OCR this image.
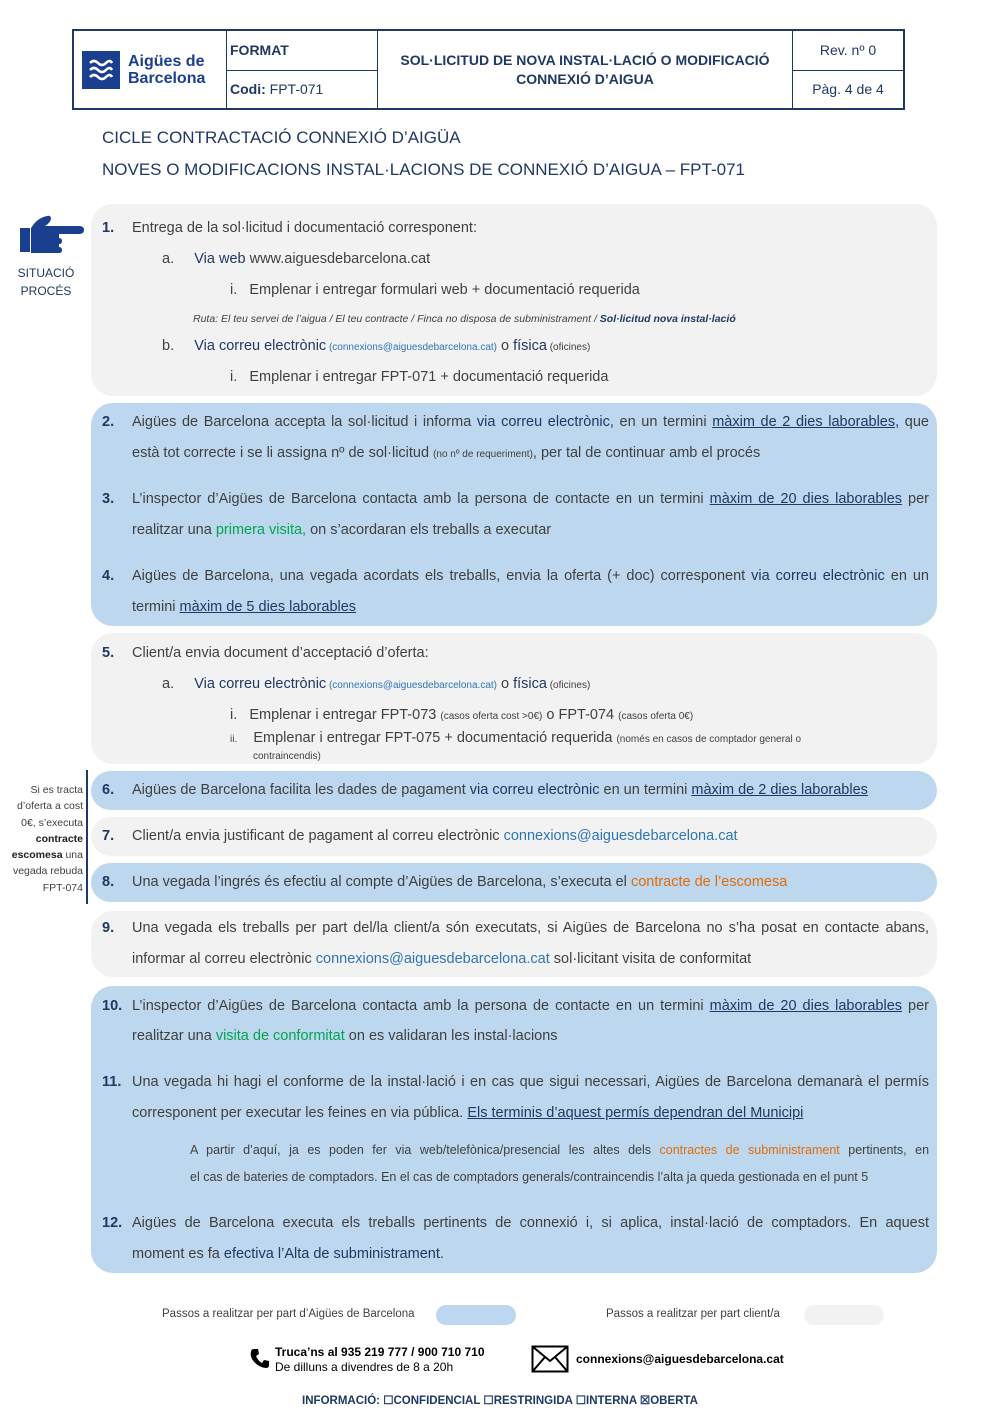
Aigües de
Barcelona
FORMAT
Codi: FPT-071
SOL·LICITUD DE NOVA INSTAL·LACIÓ O MODIFICACIÓ
CONNEXIÓ D’AIGUA
Rev. nº 0
Pàg. 4 de 4
CICLE CONTRACTACIÓ CONNEXIÓ D’AIGÜA
NOVES O MODIFICACIONS INSTAL·LACIONS DE CONNEXIÓ D’AIGUA – FPT-071
SITUACIÓ
PROCÉS
Si es tracta
d’oferta a cost
0€, s’executa
contracte
escomesa una
vegada rebuda
FPT-074
1. Entrega de la sol·licitud i documentació corresponent:
a. Via web www.aiguesdebarcelona.cat
i. Emplenar i entregar formulari web + documentació requerida
Ruta: El teu servei de l’aigua / El teu contracte / Finca no disposa de subministrament / Sol·licitud nova instal·lació
b. Via correu electrònic (connexions@aiguesdebarcelona.cat) o física (oficines)
i. Emplenar i entregar FPT-071 + documentació requerida
2. Aigües de Barcelona accepta la sol·licitud i informa via correu electrònic, en un termini màxim de 2 dies laborables, que
està tot correcte i se li assigna nº de sol·licitud (no nº de requeriment), per tal de continuar amb el procés
3. L’inspector d’Aigües de Barcelona contacta amb la persona de contacte en un termini màxim de 20 dies laborables per
realitzar una primera visita, on s’acordaran els treballs a executar
4. Aigües de Barcelona, una vegada acordats els treballs, envia la oferta (+ doc) corresponent via correu electrònic en un
termini màxim de 5 dies laborables
5. Client/a envia document d’acceptació d’oferta:
a. Via correu electrònic (connexions@aiguesdebarcelona.cat) o física (oficines)
i. Emplenar i entregar FPT-073 (casos oferta cost >0€) o FPT-074 (casos oferta 0€)
ii. Emplenar i entregar FPT-075 + documentació requerida (només en casos de comptador general o
contraincendis)
6. Aigües de Barcelona facilita les dades de pagament via correu electrònic en un termini màxim de 2 dies laborables
7. Client/a envia justificant de pagament al correu electrònic connexions@aiguesdebarcelona.cat
8. Una vegada l’ingrés és efectiu al compte d’Aigües de Barcelona, s’executa el contracte de l’escomesa
9. Una vegada els treballs per part del/la client/a són executats, si Aigües de Barcelona no s’ha posat en contacte abans,
informar al correu electrònic connexions@aiguesdebarcelona.cat sol·licitant visita de conformitat
10. L’inspector d’Aigües de Barcelona contacta amb la persona de contacte en un termini màxim de 20 dies laborables per
realitzar una visita de conformitat on es validaran les instal·lacions
11. Una vegada hi hagi el conforme de la instal·lació i en cas que sigui necessari, Aigües de Barcelona demanarà el permís
corresponent per executar les feines en via pública. Els terminis d’aquest permís dependran del Municipi
A partir d’aquí, ja es poden fer via web/telefònica/presencial les altes dels contractes de subministrament pertinents, en
el cas de bateries de comptadors. En el cas de comptadors generals/contraincendis l’alta ja queda gestionada en el punt 5
12. Aigües de Barcelona executa els treballs pertinents de connexió i, si aplica, instal·lació de comptadors. En aquest
moment es fa efectiva l’Alta de subministrament.
Passos a realitzar per part d’Aigües de Barcelona	Passos a realitzar per part client/a
Truca’ns al 935 219 777 / 900 710 710
De dilluns a divendres de 8 a 20h
connexions@aiguesdebarcelona.cat
INFORMACIÓ: ☐CONFIDENCIAL ☐RESTRINGIDA ☐INTERNA ☒OBERTA
